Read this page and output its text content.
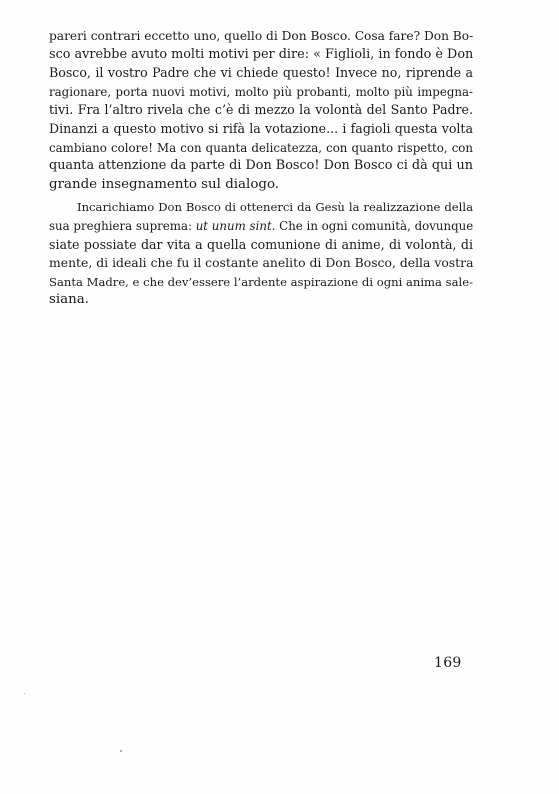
pareri contrari eccetto uno, quello di Don Bosco. Cosa fare? Don Bo-
sco avrebbe avuto molti motivi per dire: « Figlioli, in fondo è Don
Bosco, il vostro Padre che vi chiede questo! Invece no, riprende a
ragionare, porta nuovi motivi, molto più probanti, molto più impegna-
tivi. Fra l’altro rivela che c’è di mezzo la volontà del Santo Padre.
Dinanzi a questo motivo si rifà la votazione... i fagioli questa volta
cambiano colore! Ma con quanta delicatezza, con quanto rispetto, con
quanta attenzione da parte di Don Bosco! Don Bosco ci dà qui un
grande insegnamento sul dialogo.
Incarichiamo Don Bosco di ottenerci da Gesù la realizzazione della
sua preghiera suprema: ut unum sint. Che in ogni comunità, dovunque
siate possiate dar vita a quella comunione di anime, di volontà, di
mente, di ideali che fu il costante anelito di Don Bosco, della vostra
Santa Madre, e che dev’essere l’ardente aspirazione di ogni anima sale-
siana.
169
